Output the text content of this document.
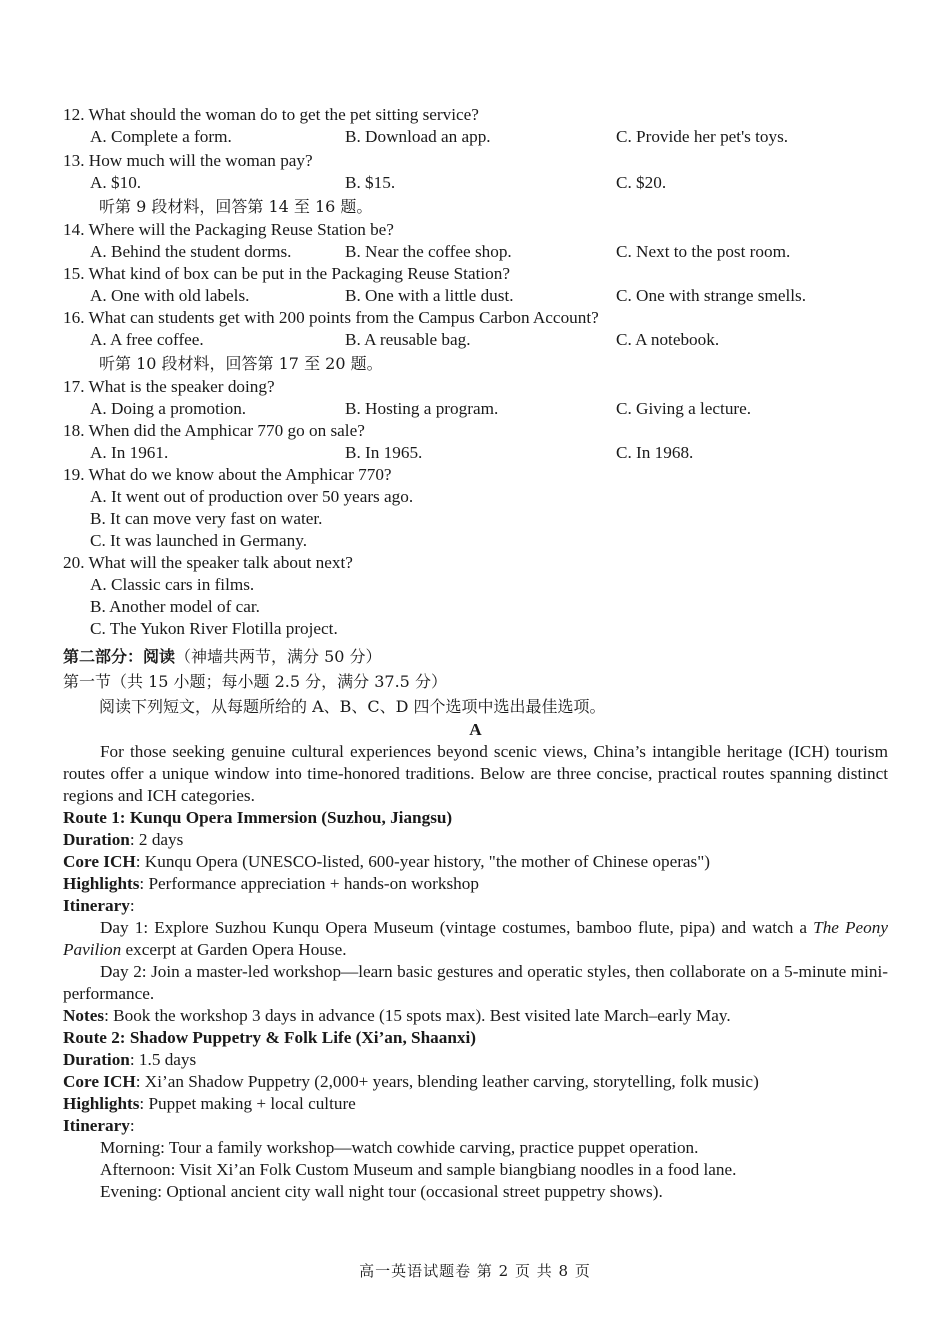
12. What should the woman do to get the pet sitting service?
A. Complete a form.	B. Download an app.	C. Provide her pet's toys.
13. How much will the woman pay?
A. $10.	B. $15.	C. $20.
听第 9 段材料，回答第 14 至 16 题。
14. Where will the Packaging Reuse Station be?
A. Behind the student dorms.	B. Near the coffee shop.	C. Next to the post room.
15. What kind of box can be put in the Packaging Reuse Station?
A. One with old labels.	B. One with a little dust.	C. One with strange smells.
16. What can students get with 200 points from the Campus Carbon Account?
A. A free coffee.	B. A reusable bag.	C. A notebook.
听第 10 段材料，回答第 17 至 20 题。
17. What is the speaker doing?
A. Doing a promotion.	B. Hosting a program.	C. Giving a lecture.
18. When did the Amphicar 770 go on sale?
A. In 1961.	B. In 1965.	C. In 1968.
19. What do we know about the Amphicar 770?
A. It went out of production over 50 years ago.
B. It can move very fast on water.
C. It was launched in Germany.
20. What will the speaker talk about next?
A. Classic cars in films.
B. Another model of car.
C. The Yukon River Flotilla project.
第二部分：阅读（神墙共两节，满分 50 分）
第一节（共 15 小题；每小题 2.5 分，满分 37.5 分）
阅读下列短文，从每题所给的 A、B、C、D 四个选项中选出最佳选项。
A
For those seeking genuine cultural experiences beyond scenic views, China’s intangible heritage (ICH) tourism routes offer a unique window into time-honored traditions. Below are three concise, practical routes spanning distinct regions and ICH categories.
Route 1: Kunqu Opera Immersion (Suzhou, Jiangsu)
Duration: 2 days
Core ICH: Kunqu Opera (UNESCO-listed, 600-year history, "the mother of Chinese operas")
Highlights: Performance appreciation + hands-on workshop
Itinerary:
Day 1: Explore Suzhou Kunqu Opera Museum (vintage costumes, bamboo flute, pipa) and watch a The Peony Pavilion excerpt at Garden Opera House.
Day 2: Join a master-led workshop—learn basic gestures and operatic styles, then collaborate on a 5-minute mini-performance.
Notes: Book the workshop 3 days in advance (15 spots max). Best visited late March–early May.
Route 2: Shadow Puppetry & Folk Life (Xi’an, Shaanxi)
Duration: 1.5 days
Core ICH: Xi’an Shadow Puppetry (2,000+ years, blending leather carving, storytelling, folk music)
Highlights: Puppet making + local culture
Itinerary:
Morning: Tour a family workshop—watch cowhide carving, practice puppet operation.
Afternoon: Visit Xi’an Folk Custom Museum and sample biangbiang noodles in a food lane.
Evening: Optional ancient city wall night tour (occasional street puppetry shows).
高一英语试题卷 第 2 页 共 8 页
